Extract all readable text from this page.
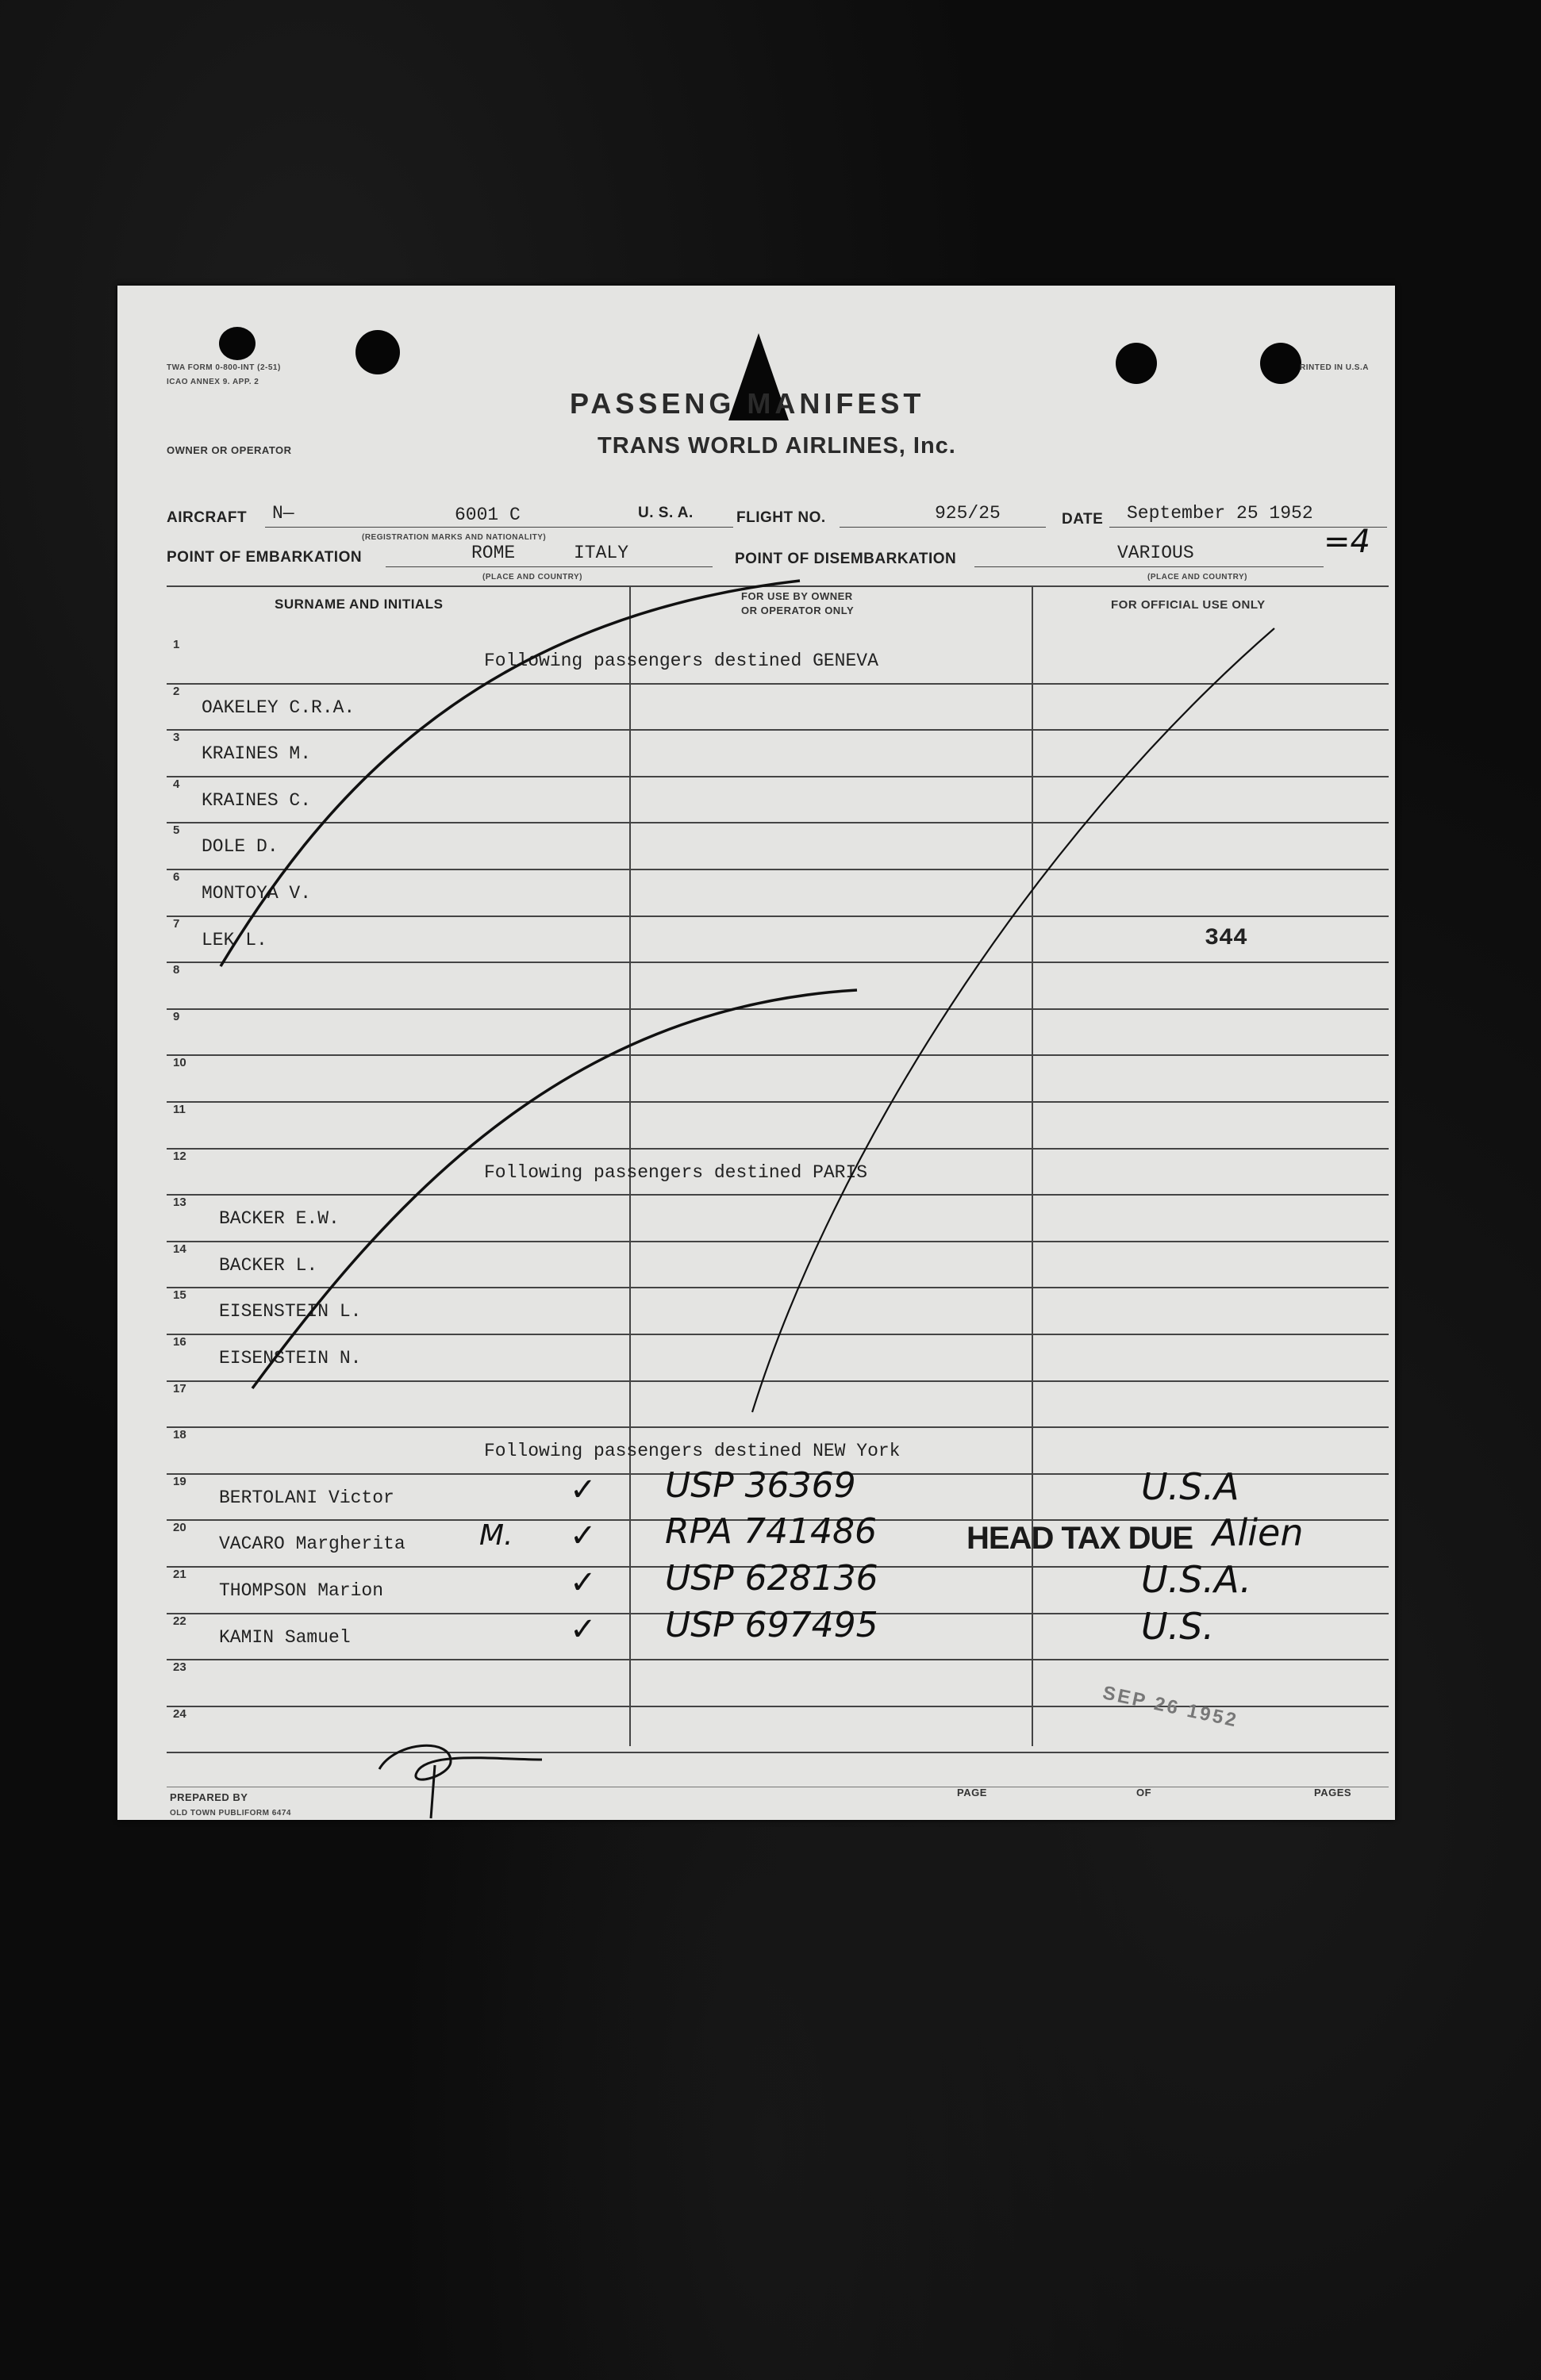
TWA FORM 0-800-INT (2-51)
ICAO ANNEX 9. APP. 2
RINTED IN U.S.A
OWNER OR OPERATOR
PASSENG MANIFEST
TRANS WORLD AIRLINES, Inc.
AIRCRAFT N—	6001 C	U. S. A.
(REGISTRATION MARKS AND NATIONALITY)
FLIGHT NO.	925/25	DATE September 25 1952
POINT OF EMBARKATION	ROME	ITALY
(PLACE AND COUNTRY)
POINT OF DISEMBARKATION	VARIOUS
(PLACE AND COUNTRY)
=4
SURNAME AND INITIALS
FOR USE BY OWNER
OR OPERATOR ONLY	FOR OFFICIAL USE ONLY
1
Following passengers destined GENEVA
2
OAKELEY C.R.A.
3
KRAINES M.
4
KRAINES C.
5
DOLE D.
6
MONTOYA V.
7
LEK L.	344
8
9
10
11
12
Following passengers destined PARIS
13
BACKER E.W.
14
BACKER L.
15
EISENSTEIN L.
16
EISENSTEIN N.
17
18
Following passengers destined NEW York
19
BERTOLANI Victor	✓ USP 36369	U.S.A
20
VACARO Margherita	M. ✓ RPA 741486	Alien
21
THOMPSON Marion	✓ USP 628136	U.S.A.
22
KAMIN Samuel	✓ USP 697495	U.S.
23
24
HEAD TAX DUE
SEP 26 1952
PREPARED BY	PAGE	OF	PAGES
OLD TOWN PUBLIFORM 6474
